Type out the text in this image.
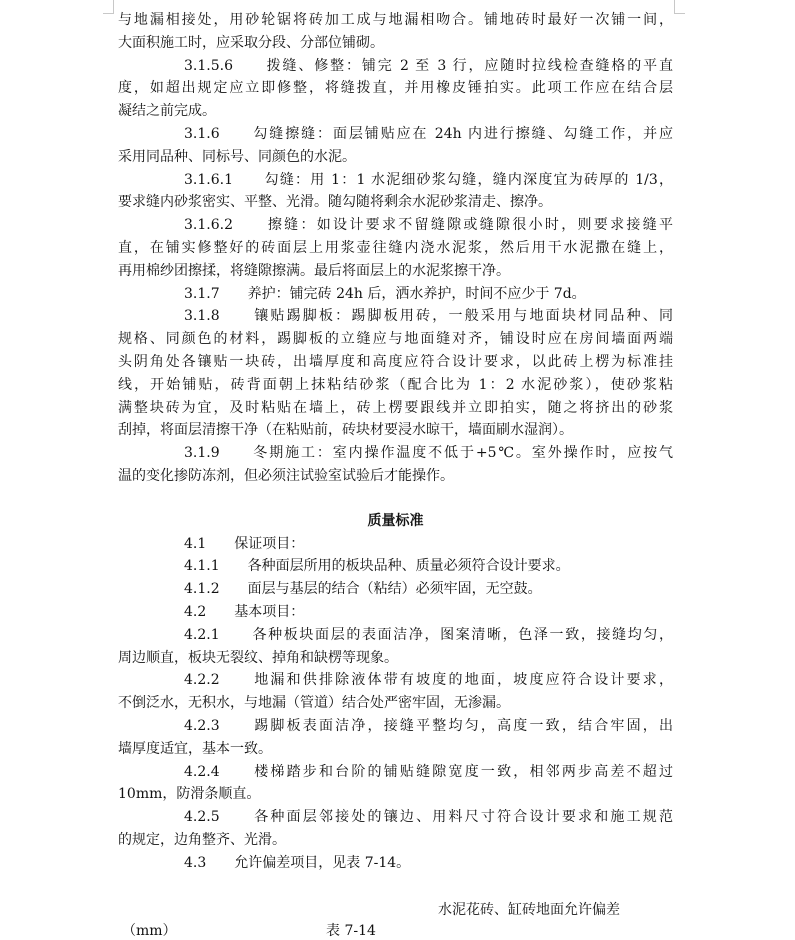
与地漏相接处，用砂轮锯将砖加工成与地漏相吻合。铺地砖时最好一次铺一间，
大面积施工时，应采取分段、分部位铺砌。
3.1.5.6　　拨缝、修整：铺完 2 至 3 行，应随时拉线检查缝格的平直
度，如超出规定应立即修整，将缝拨直，并用橡皮锤拍实。此项工作应在结合层
凝结之前完成。
3.1.6　　勾缝擦缝：面层铺贴应在 24h 内进行擦缝、勾缝工作，并应
采用同品种、同标号、同颜色的水泥。
3.1.6.1　　勾缝：用 1：1 水泥细砂浆勾缝，缝内深度宜为砖厚的 1/3，
要求缝内砂浆密实、平整、光滑。随勾随将剩余水泥砂浆清走、擦净。
3.1.6.2　　擦缝：如设计要求不留缝隙或缝隙很小时，则要求接缝平
直，在铺实修整好的砖面层上用浆壶往缝内浇水泥浆，然后用干水泥撒在缝上，
再用棉纱团擦揉，将缝隙擦满。最后将面层上的水泥浆擦干净。
3.1.7　　养护：铺完砖 24h 后，洒水养护，时间不应少于 7d。
3.1.8　　镶贴踢脚板：踢脚板用砖，一般采用与地面块材同品种、同
规格、同颜色的材料，踢脚板的立缝应与地面缝对齐，铺设时应在房间墙面两端
头阴角处各镶贴一块砖，出墙厚度和高度应符合设计要求，以此砖上楞为标准挂
线，开始铺贴，砖背面朝上抹粘结砂浆（配合比为 1：2 水泥砂浆），使砂浆粘
满整块砖为宜，及时粘贴在墙上，砖上楞要跟线并立即拍实，随之将挤出的砂浆
刮掉，将面层清擦干净（在粘贴前，砖块材要浸水晾干，墙面刷水湿润）。
3.1.9　　冬期施工：室内操作温度不低于+5℃。室外操作时，应按气
温的变化掺防冻剂，但必须注试验室试验后才能操作。
质量标准
4.1　　保证项目：
4.1.1　　各种面层所用的板块品种、质量必须符合设计要求。
4.1.2　　面层与基层的结合（粘结）必须牢固，无空鼓。
4.2　　基本项目：
4.2.1　　各种板块面层的表面洁净，图案清晰，色泽一致，接缝均匀，
周边顺直，板块无裂纹、掉角和缺楞等现象。
4.2.2　　地漏和供排除液体带有坡度的地面，坡度应符合设计要求，
不倒泛水，无积水，与地漏（管道）结合处严密牢固，无渗漏。
4.2.3　　踢脚板表面洁净，接缝平整均匀，高度一致，结合牢固，出
墙厚度适宜，基本一致。
4.2.4　　楼梯踏步和台阶的铺贴缝隙宽度一致，相邻两步高差不超过
10mm，防滑条顺直。
4.2.5　　各种面层邻接处的镶边、用料尺寸符合设计要求和施工规范
的规定，边角整齐、光滑。
4.3　　允许偏差项目，见表 7-14。
水泥花砖、缸砖地面允许偏差
（mm）	表 7-14
